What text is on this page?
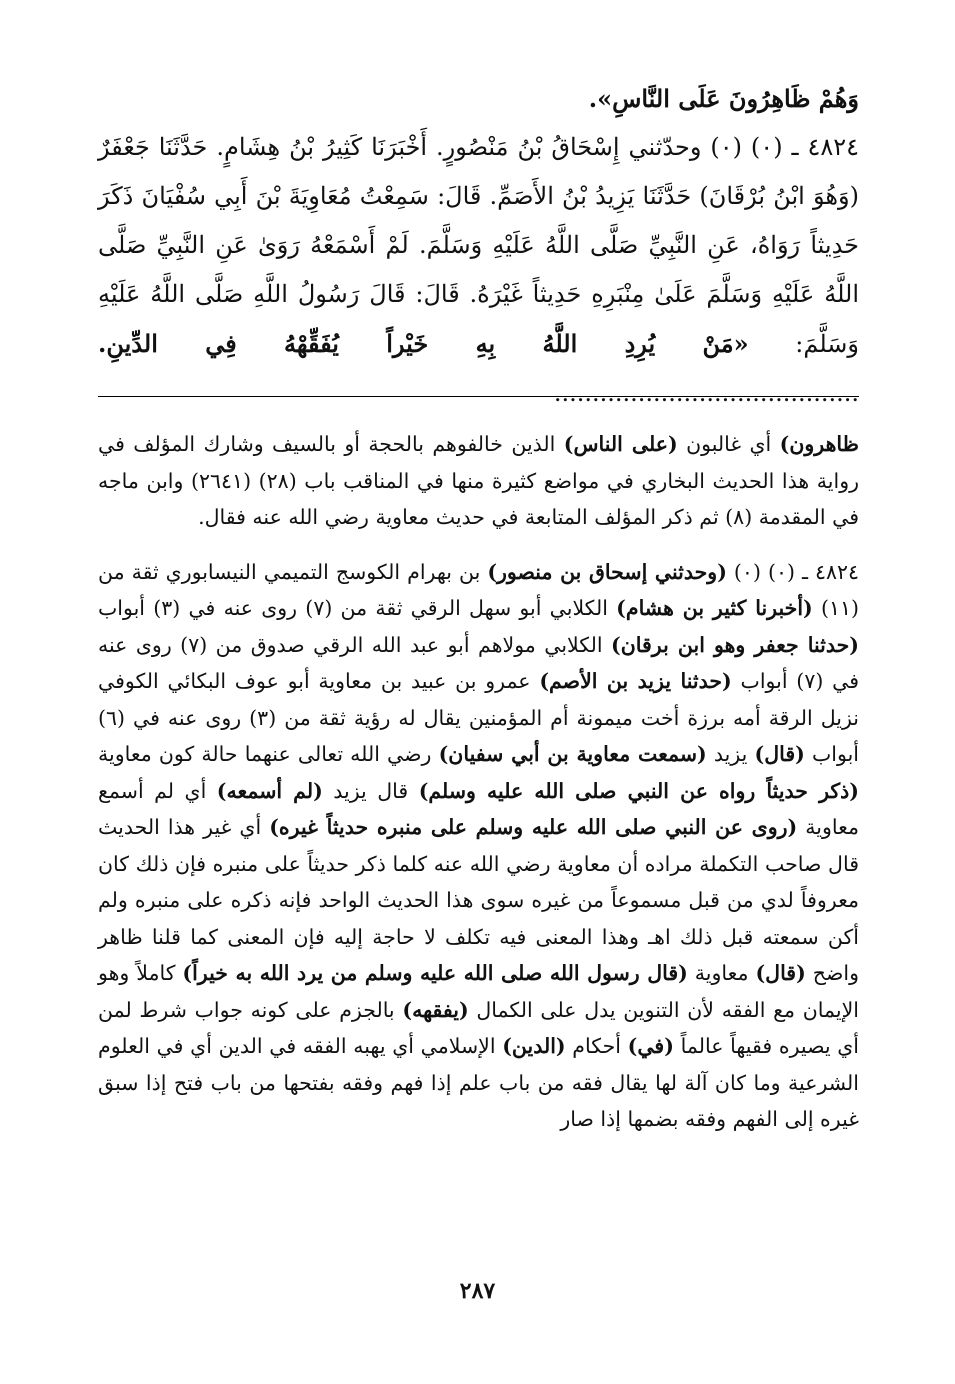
وَهُمْ ظَاهِرُونَ عَلَى النَّاسِ».

٤٨٢٤ ـ (٠) (٠) وحدّثني إِسْحَاقُ بْنُ مَنْصُورٍ. أَخْبَرَنَا كَثِيرُ بْنُ هِشَامٍ. حَدَّثَنَا جَعْفَرٌ (وَهُوَ ابْنُ بُرْقَانَ) حَدَّثَنَا يَزِيدُ بْنُ الأَصَمِّ. قَالَ: سَمِعْتُ مُعَاوِيَةَ بْنَ أَبِي سُفْيَانَ ذَكَرَ حَدِيثاً رَوَاهُ، عَنِ النَّبِيِّ صَلَّى اللَّهُ عَلَيْهِ وَسَلَّمَ. لَمْ أَسْمَعْهُ رَوَىٰ عَنِ النَّبِيِّ صَلَّى اللَّهُ عَلَيْهِ وَسَلَّمَ عَلَىٰ مِنْبَرِهِ حَدِيثاً غَيْرَهُ. قَالَ: قَالَ رَسُولُ اللَّهِ صَلَّى اللَّهُ عَلَيْهِ وَسَلَّمَ: «مَنْ يُرِدِ اللَّهُ بِهِ خَيْراً يُفَقِّهْهُ فِي الدِّينِ. ........................................

ظاهرون) أي غالبون (على الناس) الذين خالفوهم بالحجة أو بالسيف وشارك المؤلف في رواية هذا الحديث البخاري في مواضع كثيرة منها في المناقب باب (٢٨) (٢٦٤١) وابن ماجه في المقدمة (٨) ثم ذكر المؤلف المتابعة في حديث معاوية رضي الله عنه فقال.

٤٨٢٤ ـ (٠) (٠) (وحدثني إسحاق بن منصور) بن بهرام الكوسج التميمي النيسابوري ثقة من (١١) (أخبرنا كثير بن هشام) الكلابي أبو سهل الرقي ثقة من (٧) روى عنه في (٣) أبواب (حدثنا جعفر وهو ابن برقان) الكلابي مولاهم أبو عبد الله الرقي صدوق من (٧) روى عنه في (٧) أبواب (حدثنا يزيد بن الأصم) عمرو بن عبيد بن معاوية أبو عوف البكائي الكوفي نزيل الرقة أمه برزة أخت ميمونة أم المؤمنين يقال له رؤية ثقة من (٣) روى عنه في (٦) أبواب (قال) يزيد (سمعت معاوية بن أبي سفيان) رضي الله تعالى عنهما حالة كون معاوية (ذكر حديثاً رواه عن النبي صلى الله عليه وسلم) قال يزيد (لم أسمعه) أي لم أسمع معاوية (روى عن النبي صلى الله عليه وسلم على منبره حديثاً غيره) أي غير هذا الحديث قال صاحب التكملة مراده أن معاوية رضي الله عنه كلما ذكر حديثاً على منبره فإن ذلك كان معروفاً لدي من قبل مسموعاً من غيره سوى هذا الحديث الواحد فإنه ذكره على منبره ولم أكن سمعته قبل ذلك اهـ وهذا المعنى فيه تكلف لا حاجة إليه فإن المعنى كما قلنا ظاهر واضح (قال) معاوية (قال رسول الله صلى الله عليه وسلم من يرد الله به خيراً) كاملاً وهو الإيمان مع الفقه لأن التنوين يدل على الكمال (يفقهه) بالجزم على كونه جواب شرط لمن أي يصيره فقيهاً عالماً (في) أحكام (الدين) الإسلامي أي يهبه الفقه في الدين أي في العلوم الشرعية وما كان آلة لها يقال فقه من باب علم إذا فهم وفقه بفتحها من باب فتح إذا سبق غيره إلى الفهم وفقه بضمها إذا صار

٢٨٧
